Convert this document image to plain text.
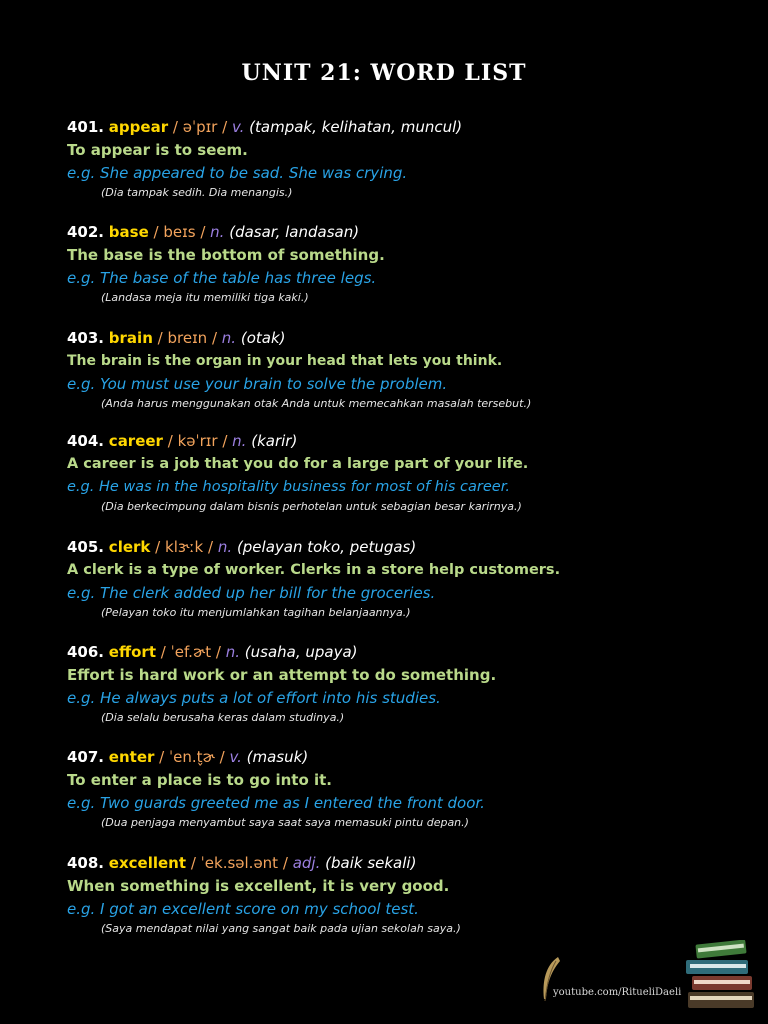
UNIT 21: WORD LIST
401. appear / əˈpɪr / v. (tampak, kelihatan, muncul)
To appear is to seem.
e.g. She appeared to be sad. She was crying.
(Dia tampak sedih. Dia menangis.)
402. base / beɪs / n. (dasar, landasan)
The base is the bottom of something.
e.g. The base of the table has three legs.
(Landasa meja itu memiliki tiga kaki.)
403. brain / breɪn / n. (otak)
The brain is the organ in your head that lets you think.
e.g. You must use your brain to solve the problem.
(Anda harus menggunakan otak Anda untuk memecahkan masalah tersebut.)
404. career / kəˈrɪr / n. (karir)
A career is a job that you do for a large part of your life.
e.g. He was in the hospitality business for most of his career.
(Dia berkecimpung dalam bisnis perhotelan untuk sebagian besar karirnya.)
405. clerk / klɝːk / n. (pelayan toko, petugas)
A clerk is a type of worker. Clerks in a store help customers.
e.g. The clerk added up her bill for the groceries.
(Pelayan toko itu menjumlahkan tagihan belanjaannya.)
406. effort / ˈef.ɚt / n. (usaha, upaya)
Effort is hard work or an attempt to do something.
e.g. He always puts a lot of effort into his studies.
(Dia selalu berusaha keras dalam studinya.)
407. enter / ˈen.t̬ɚ / v. (masuk)
To enter a place is to go into it.
e.g. Two guards greeted me as I entered the front door.
(Dua penjaga menyambut saya saat saya memasuki pintu depan.)
408. excellent / ˈek.səl.ənt / adj. (baik sekali)
When something is excellent, it is very good.
e.g. I got an excellent score on my school test.
(Saya mendapat nilai yang sangat baik pada ujian sekolah saya.)
youtube.com/RitueliDaeli
